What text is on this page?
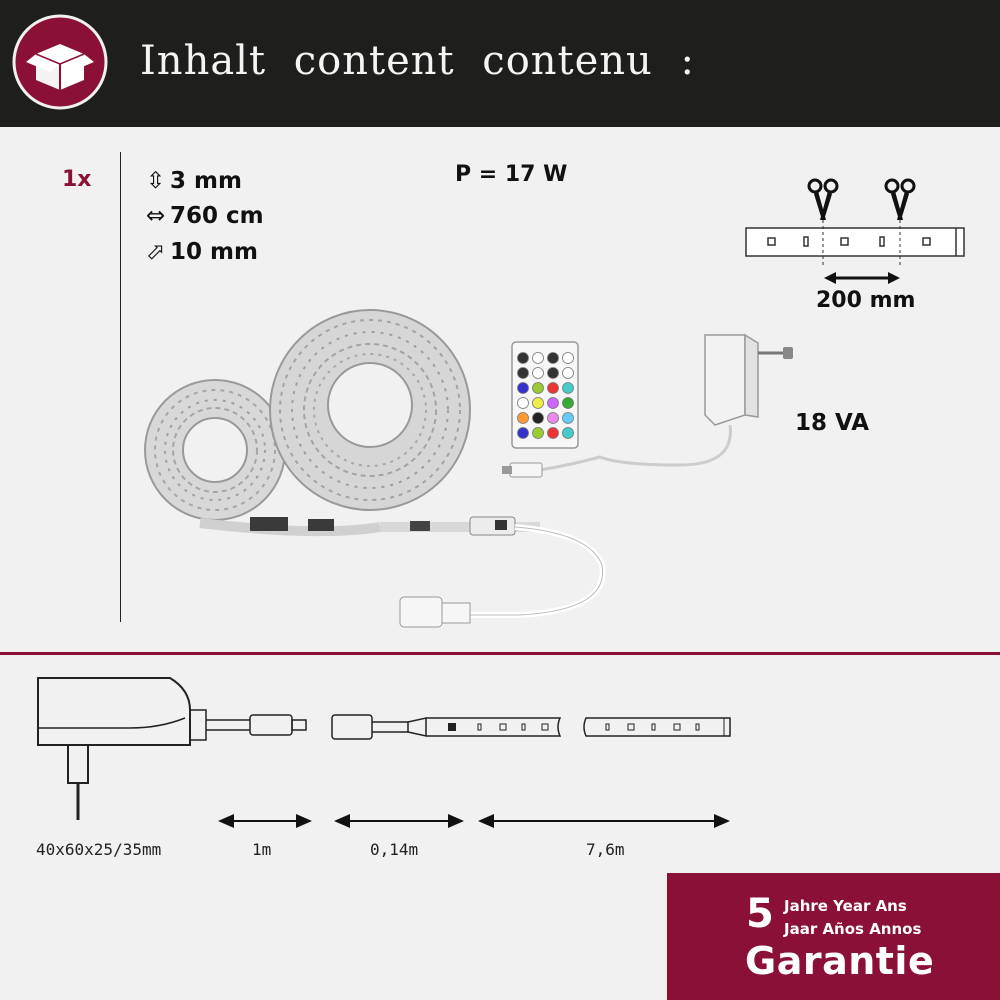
Inhalt content contenu :
1x ⇳ 3 mm
⇔ 760 cm
⬀ 10 mm
P = 17 W
200 mm
18 VA
40x60x25/35mm	1m	0,14m	7,6m
5 Jahre Year Ans
Jaar Años Annos
Garantie
